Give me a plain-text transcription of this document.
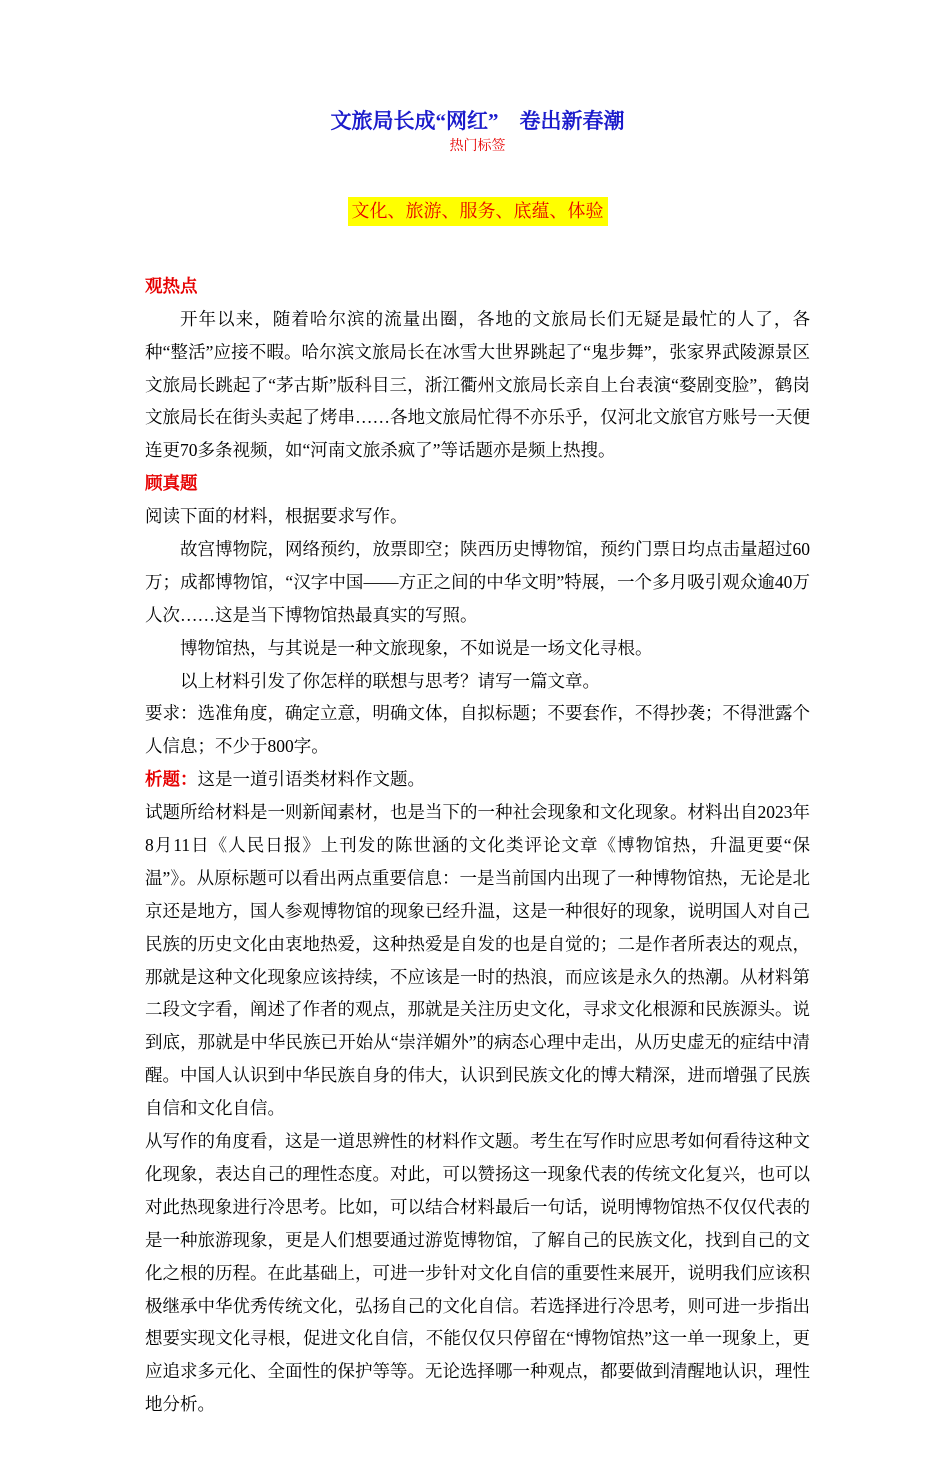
文旅局长成“网红”　卷出新春潮
热门标签
文化、旅游、服务、底蕴、体验

观热点

开年以来，随着哈尔滨的流量出圈，各地的文旅局长们无疑是最忙的人了，各种“整活”应接不暇。哈尔滨文旅局长在冰雪大世界跳起了“鬼步舞”，张家界武陵源景区文旅局长跳起了“茅古斯”版科目三，浙江衢州文旅局长亲自上台表演“婺剧变脸”，鹤岗文旅局长在街头卖起了烤串……各地文旅局忙得不亦乐乎，仅河北文旅官方账号一天便连更70多条视频，如“河南文旅杀疯了”等话题亦是频上热搜。

顾真题

阅读下面的材料，根据要求写作。

故宫博物院，网络预约，放票即空；陕西历史博物馆，预约门票日均点击量超过60万；成都博物馆，“汉字中国——方正之间的中华文明”特展，一个多月吸引观众逾40万人次……这是当下博物馆热最真实的写照。

博物馆热，与其说是一种文旅现象，不如说是一场文化寻根。

以上材料引发了你怎样的联想与思考？请写一篇文章。

要求：选准角度，确定立意，明确文体，自拟标题；不要套作，不得抄袭；不得泄露个人信息；不少于800字。

析题：这是一道引语类材料作文题。

试题所给材料是一则新闻素材，也是当下的一种社会现象和文化现象。材料出自2023年8月11日《人民日报》上刊发的陈世涵的文化类评论文章《博物馆热，升温更要“保温”》。从原标题可以看出两点重要信息：一是当前国内出现了一种博物馆热，无论是北京还是地方，国人参观博物馆的现象已经升温，这是一种很好的现象，说明国人对自己民族的历史文化由衷地热爱，这种热爱是自发的也是自觉的；二是作者所表达的观点，那就是这种文化现象应该持续，不应该是一时的热浪，而应该是永久的热潮。从材料第二段文字看，阐述了作者的观点，那就是关注历史文化，寻求文化根源和民族源头。说到底，那就是中华民族已开始从“崇洋媚外”的病态心理中走出，从历史虚无的症结中清醒。中国人认识到中华民族自身的伟大，认识到民族文化的博大精深，进而增强了民族自信和文化自信。

从写作的角度看，这是一道思辨性的材料作文题。考生在写作时应思考如何看待这种文化现象，表达自己的理性态度。对此，可以赞扬这一现象代表的传统文化复兴，也可以对此热现象进行冷思考。比如，可以结合材料最后一句话，说明博物馆热不仅仅代表的是一种旅游现象，更是人们想要通过游览博物馆，了解自己的民族文化，找到自己的文化之根的历程。在此基础上，可进一步针对文化自信的重要性来展开，说明我们应该积极继承中华优秀传统文化，弘扬自己的文化自信。若选择进行冷思考，则可进一步指出想要实现文化寻根，促进文化自信，不能仅仅只停留在“博物馆热”这一单一现象上，更应追求多元化、全面性的保护等等。无论选择哪一种观点，都要做到清醒地认识，理性地分析。
